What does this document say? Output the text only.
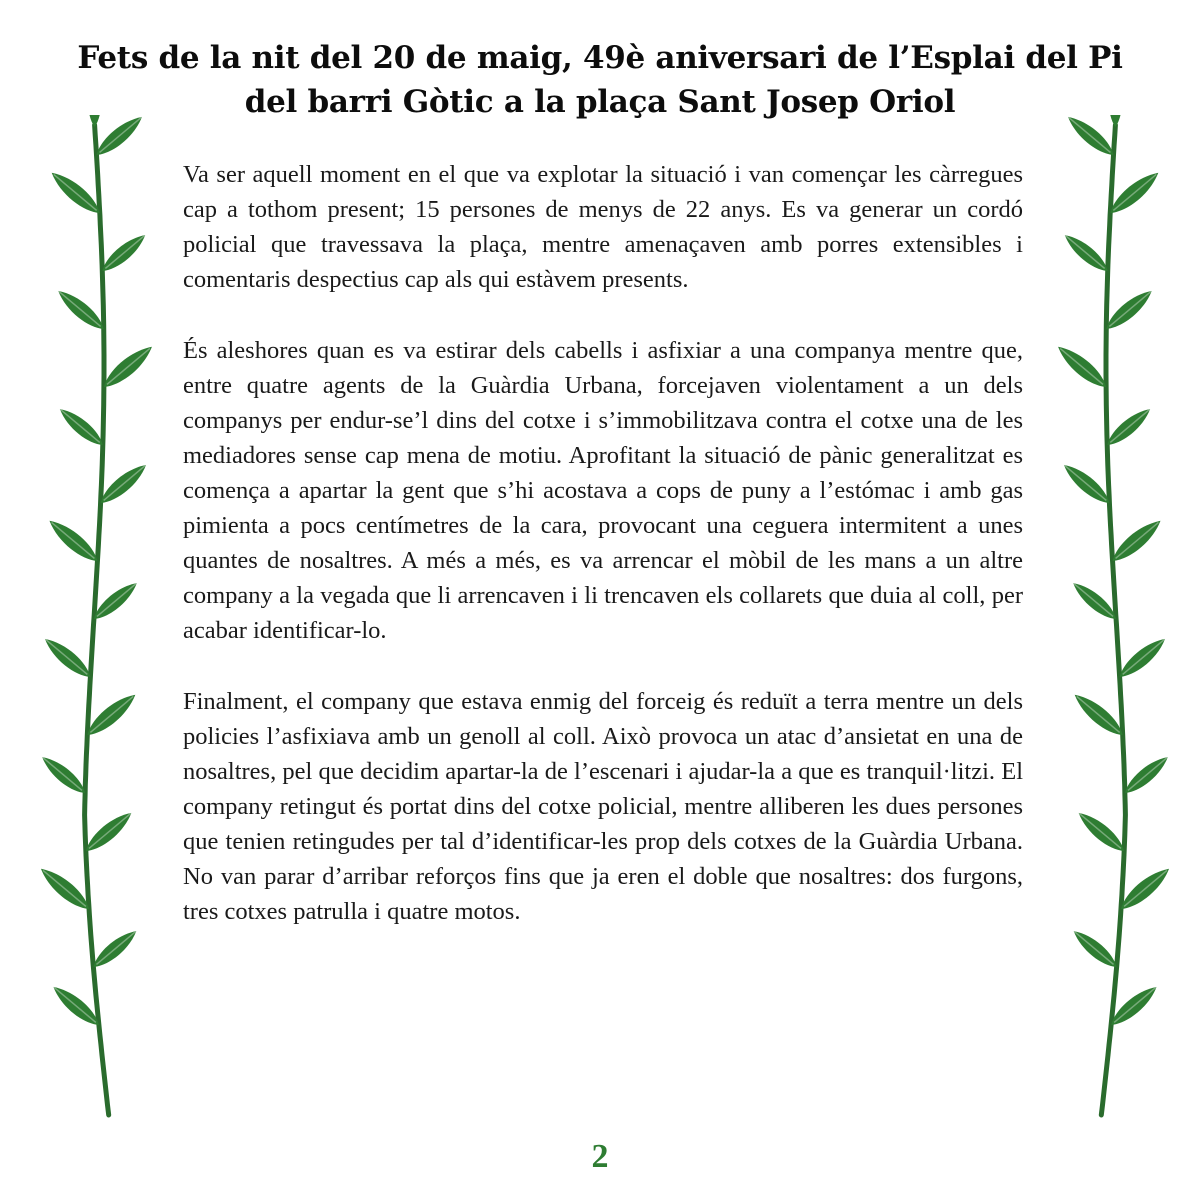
Fets de la nit del 20 de maig, 49è aniversari de l’Esplai del Pi
del barri Gòtic a la plaça Sant Josep Oriol

Va ser aquell moment en el que va explotar la situació i van començar les càrregues cap a tothom present; 15 persones de menys de 22 anys. Es va generar un cordó policial que travessava la plaça, mentre amenaçaven amb porres extensibles i comentaris despectius cap als qui estàvem presents.

És aleshores quan es va estirar dels cabells i asfixiar a una companya mentre que, entre quatre agents de la Guàrdia Urbana, forcejaven violentament a un dels companys per endur-se’l dins del cotxe i s’immobilitzava contra el cotxe una de les mediadores sense cap mena de motiu. Aprofitant la situació de pànic generalitzat es comença a apartar la gent que s’hi acostava a cops de puny a l’estómac i amb gas pimienta a pocs centímetres de la cara, provocant una ceguera intermitent a unes quantes de nosaltres. A més a més, es va arrencar el mòbil de les mans a un altre company a la vegada que li arrencaven i li trencaven els collarets que duia al coll, per acabar identificar-lo.

Finalment, el company que estava enmig del forceig és reduït a terra mentre un dels policies l’asfixiava amb un genoll al coll. Això provoca un atac d’ansietat en una de nosaltres, pel que decidim apartar-la de l’escenari i ajudar-la a que es tranquil·litzi. El company retingut és portat dins del cotxe policial, mentre alliberen les dues persones que tenien retingudes per tal d’identificar-les prop dels cotxes de la Guàrdia Urbana. No van parar d’arribar reforços fins que ja eren el doble que nosaltres: dos furgons, tres cotxes patrulla i quatre motos.

2
